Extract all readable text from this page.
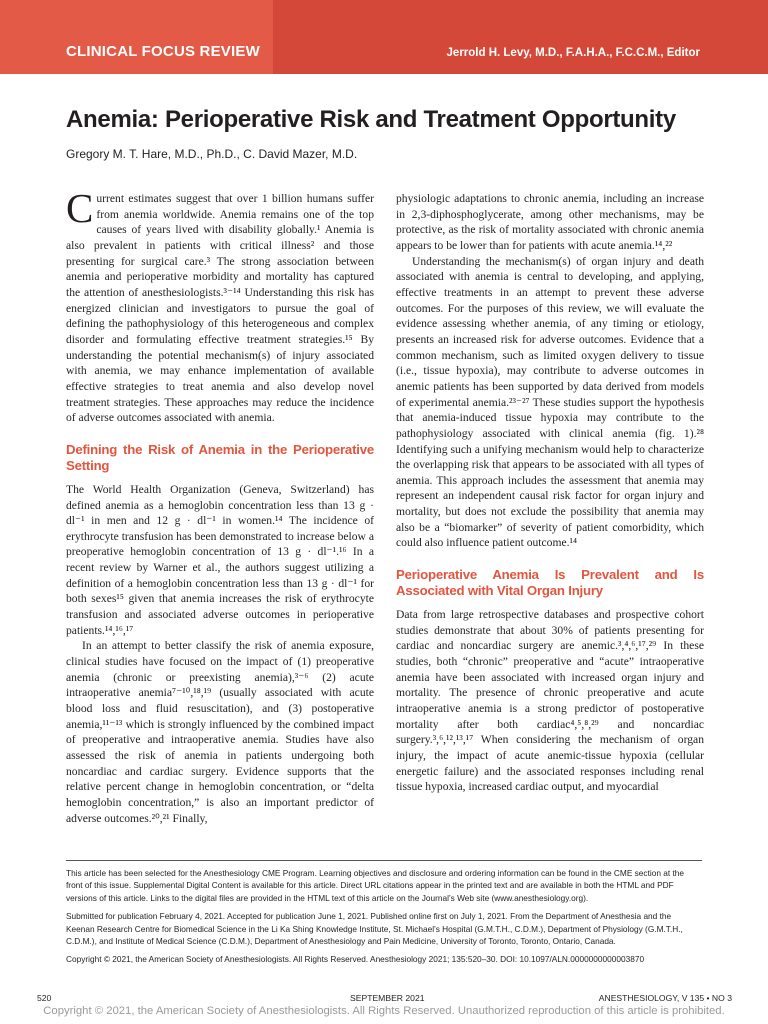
CLINICAL FOCUS REVIEW	Jerrold H. Levy, M.D., F.A.H.A., F.C.C.M., Editor
Anemia: Perioperative Risk and Treatment Opportunity
Gregory M. T. Hare, M.D., Ph.D., C. David Mazer, M.D.

Current estimates suggest that over 1 billion humans suffer from anemia worldwide. Anemia remains one of the top causes of years lived with disability globally.¹ Anemia is also prevalent in patients with critical illness² and those presenting for surgical care.³ The strong association between anemia and perioperative morbidity and mortality has captured the attention of anesthesiologists.³⁻¹⁴ Understanding this risk has energized clinician and investigators to pursue the goal of defining the pathophysiology of this heterogeneous and complex disorder and formulating effective treatment strategies.¹⁵ By understanding the potential mechanism(s) of injury associated with anemia, we may enhance implementation of available effective strategies to treat anemia and also develop novel treatment strategies. These approaches may reduce the incidence of adverse outcomes associated with anemia.

Defining the Risk of Anemia in the Perioperative Setting

The World Health Organization (Geneva, Switzerland) has defined anemia as a hemoglobin concentration less than 13 g · dl⁻¹ in men and 12 g · dl⁻¹ in women.¹⁴ The incidence of erythrocyte transfusion has been demonstrated to increase below a preoperative hemoglobin concentration of 13 g · dl⁻¹.¹⁶ In a recent review by Warner et al., the authors suggest utilizing a definition of a hemoglobin concentration less than 13 g · dl⁻¹ for both sexes¹⁵ given that anemia increases the risk of erythrocyte transfusion and associated adverse outcomes in perioperative patients.¹⁴,¹⁶,¹⁷

In an attempt to better classify the risk of anemia exposure, clinical studies have focused on the impact of (1) preoperative anemia (chronic or preexisting anemia),³⁻⁶ (2) acute intraoperative anemia⁷⁻¹⁰,¹⁸,¹⁹ (usually associated with acute blood loss and fluid resuscitation), and (3) postoperative anemia,¹¹⁻¹³ which is strongly influenced by the combined impact of preoperative and intraoperative anemia. Studies have also assessed the risk of anemia in patients undergoing both noncardiac and cardiac surgery. Evidence supports that the relative percent change in hemoglobin concentration, or “delta hemoglobin concentration,” is also an important predictor of adverse outcomes.²⁰,²¹ Finally,

physiologic adaptations to chronic anemia, including an increase in 2,3-diphosphoglycerate, among other mechanisms, may be protective, as the risk of mortality associated with chronic anemia appears to be lower than for patients with acute anemia.¹⁴,²²

Understanding the mechanism(s) of organ injury and death associated with anemia is central to developing, and applying, effective treatments in an attempt to prevent these adverse outcomes. For the purposes of this review, we will evaluate the evidence assessing whether anemia, of any timing or etiology, presents an increased risk for adverse outcomes. Evidence that a common mechanism, such as limited oxygen delivery to tissue (i.e., tissue hypoxia), may contribute to adverse outcomes in anemic patients has been supported by data derived from models of experimental anemia.²³⁻²⁷ These studies support the hypothesis that anemia-induced tissue hypoxia may contribute to the pathophysiology associated with clinical anemia (fig. 1).²⁸ Identifying such a unifying mechanism would help to characterize the overlapping risk that appears to be associated with all types of anemia. This approach includes the assessment that anemia may represent an independent causal risk factor for organ injury and mortality, but does not exclude the possibility that anemia may also be a “biomarker” of severity of patient comorbidity, which could also influence patient outcome.¹⁴

Perioperative Anemia Is Prevalent and Is Associated with Vital Organ Injury

Data from large retrospective databases and prospective cohort studies demonstrate that about 30% of patients presenting for cardiac and noncardiac surgery are anemic.³,⁴,⁶,¹⁷,²⁹ In these studies, both “chronic” preoperative and “acute” intraoperative anemia have been associated with increased organ injury and mortality. The presence of chronic preoperative and acute intraoperative anemia is a strong predictor of postoperative mortality after both cardiac⁴,⁵,⁸,²⁹ and noncardiac surgery.³,⁶,¹²,¹³,¹⁷ When considering the mechanism of organ injury, the impact of acute anemic-tissue hypoxia (cellular energetic failure) and the associated responses including renal tissue hypoxia, increased cardiac output, and myocardial

This article has been selected for the Anesthesiology CME Program. Learning objectives and disclosure and ordering information can be found in the CME section at the front of this issue. Supplemental Digital Content is available for this article. Direct URL citations appear in the printed text and are available in both the HTML and PDF versions of this article. Links to the digital files are provided in the HTML text of this article on the Journal’s Web site (www.anesthesiology.org).

Submitted for publication February 4, 2021. Accepted for publication June 1, 2021. Published online first on July 1, 2021. From the Department of Anesthesia and the Keenan Research Centre for Biomedical Science in the Li Ka Shing Knowledge Institute, St. Michael’s Hospital (G.M.T.H., C.D.M.), Department of Physiology (G.M.T.H., C.D.M.), and Institute of Medical Science (C.D.M.), Department of Anesthesiology and Pain Medicine, University of Toronto, Toronto, Ontario, Canada.

Copyright © 2021, the American Society of Anesthesiologists. All Rights Reserved. Anesthesiology 2021; 135:520–30. DOI: 10.1097/ALN.0000000000003870

520	SEPTEMBER 2021	ANESTHESIOLOGY, V 135 • NO 3
Copyright © 2021, the American Society of Anesthesiologists. All Rights Reserved. Unauthorized reproduction of this article is prohibited.
